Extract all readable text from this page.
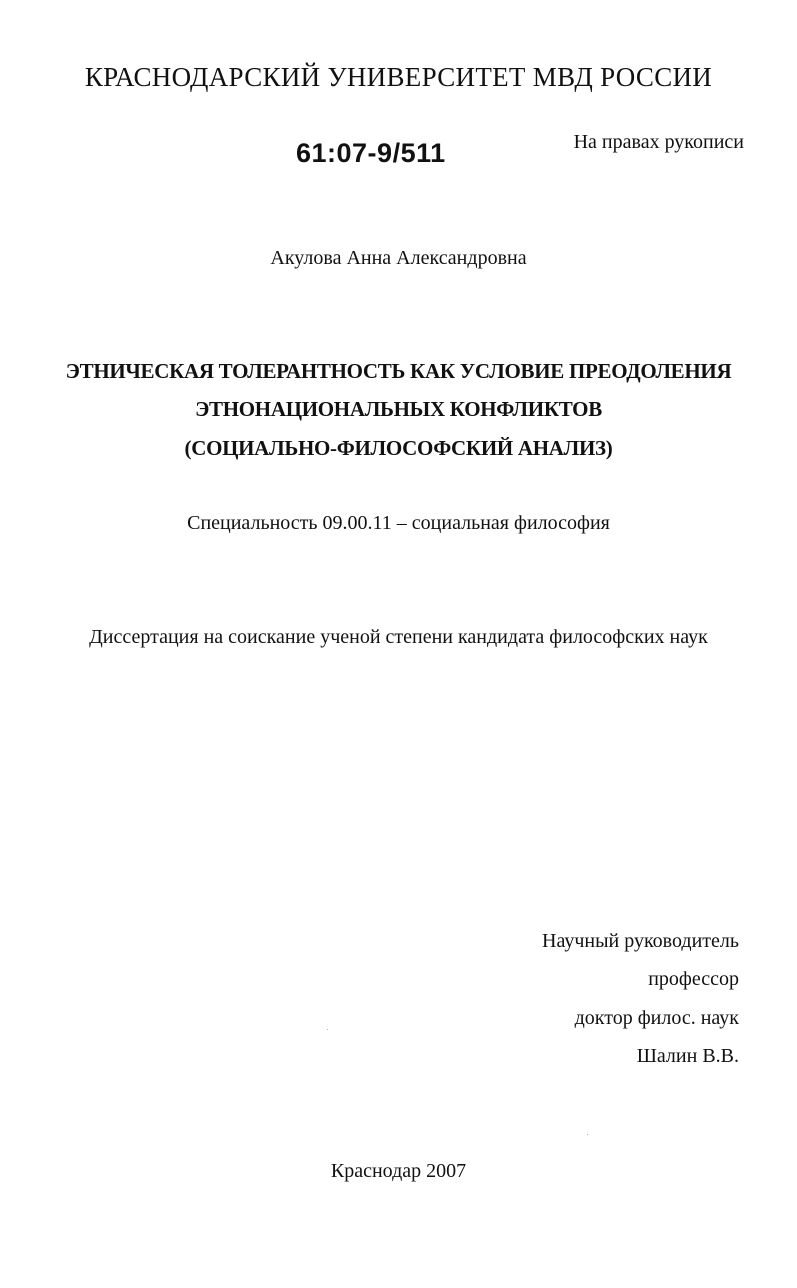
КРАСНОДАРСКИЙ УНИВЕРСИТЕТ МВД РОССИИ
61:07-9/511	На правах рукописи
Акулова Анна Александровна
ЭТНИЧЕСКАЯ ТОЛЕРАНТНОСТЬ КАК УСЛОВИЕ ПРЕОДОЛЕНИЯ
ЭТНОНАЦИОНАЛЬНЫХ КОНФЛИКТОВ
(СОЦИАЛЬНО-ФИЛОСОФСКИЙ АНАЛИЗ)
Специальность 09.00.11 – социальная философия
Диссертация на соискание ученой степени кандидата философских наук
Научный руководитель
профессор
доктор филос. наук
Шалин В.В.
Краснодар 2007
